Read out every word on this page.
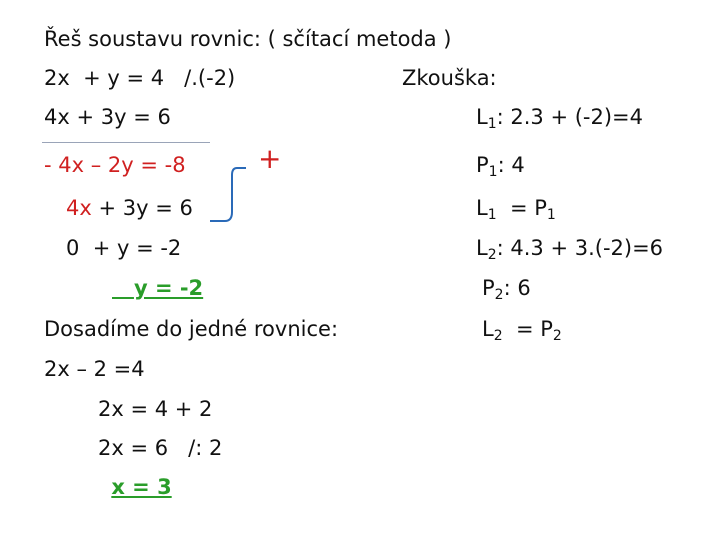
Řeš soustavu rovnic: ( sčítací metoda )
2x  + y = 4   /.(-2)
4x + 3y = 6
- 4x – 2y = -8
4x + 3y = 6
0  + y = -2
+
y = -2
Dosadíme do jedné rovnice:
2x – 2 =4
2x = 4 + 2
2x = 6   /: 2
x = 3
Zkouška:
$L_1$: 2.3 + (-2)=4
$P_1$: 4
$L_1 = P_1$
$L_2$: 4.3 + 3.(-2)=6
$P_2$: 6
$L_2 = P_2$
